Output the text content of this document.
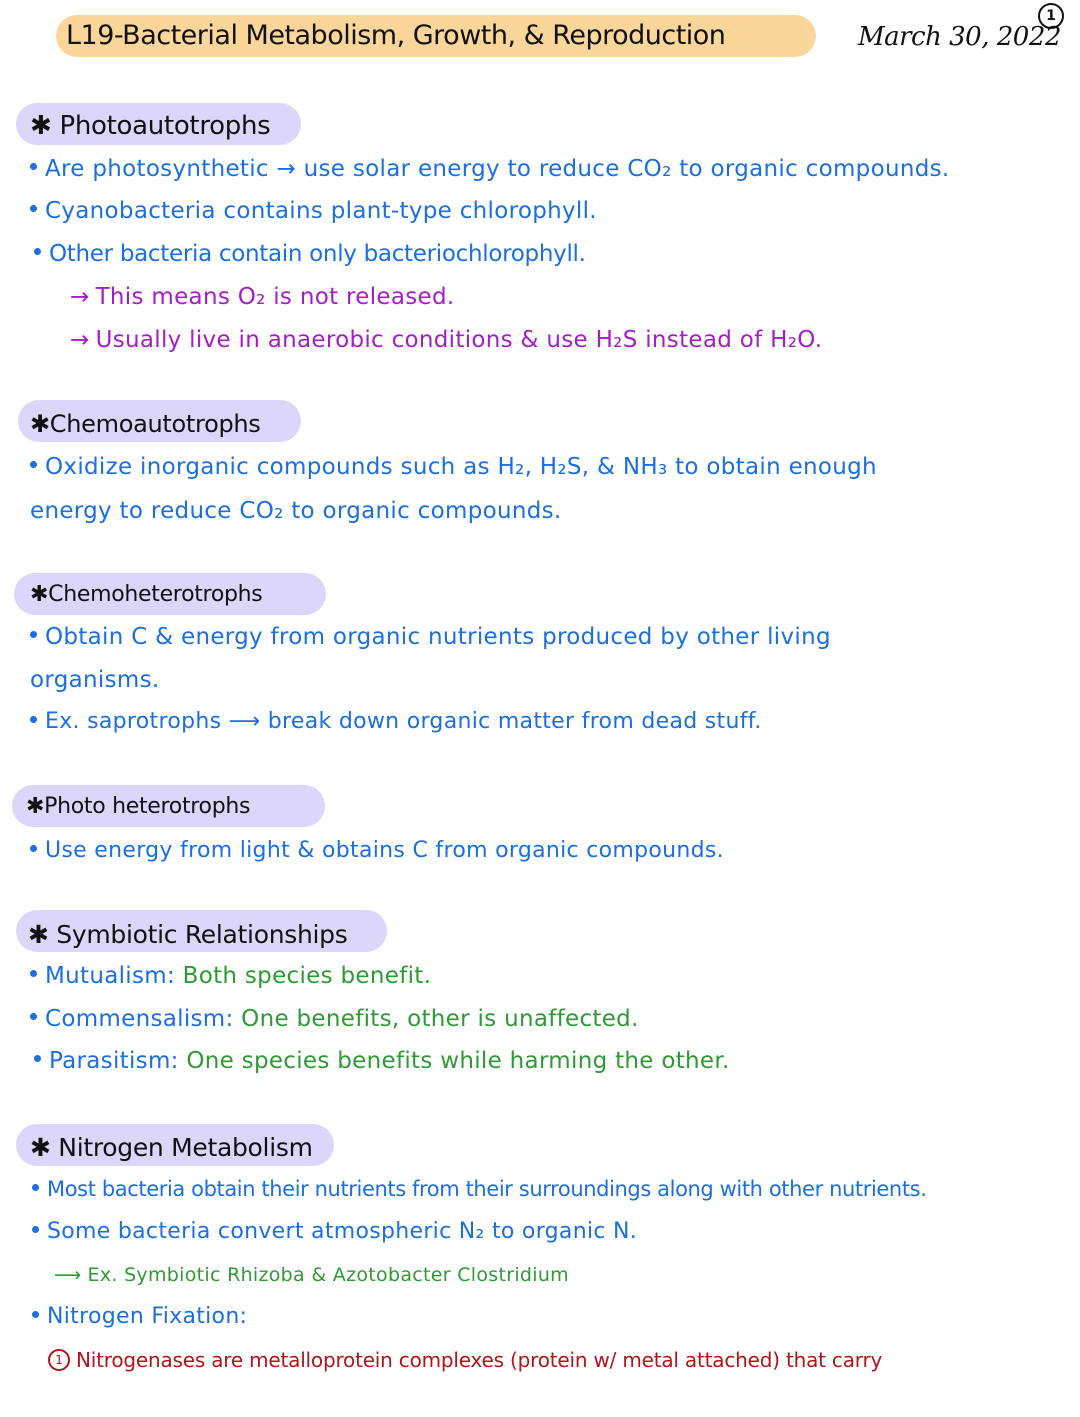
L19-Bacterial Metabolism, Growth, & Reproduction	March 30, 2022
1
✱ Photoautotrophs
Are photosynthetic → use solar energy to reduce CO₂ to organic compounds.
Cyanobacteria contains plant-type chlorophyll.
Other bacteria contain only bacteriochlorophyll.
→ This means O₂ is not released.
→ Usually live in anaerobic conditions & use H₂S instead of H₂O.
✱Chemoautotrophs
Oxidize inorganic compounds such as H₂, H₂S, & NH₃ to obtain enough
energy to reduce CO₂ to organic compounds.
✱Chemoheterotrophs
Obtain C & energy from organic nutrients produced by other living
organisms.
Ex. saprotrophs ⟶ break down organic matter from dead stuff.
✱Photo heterotrophs
Use energy from light & obtains C from organic compounds.
✱ Symbiotic Relationships
Mutualism: Both species benefit.
Commensalism: One benefits, other is unaffected.
Parasitism: One species benefits while harming the other.
✱ Nitrogen Metabolism
Most bacteria obtain their nutrients from their surroundings along with other nutrients.
Some bacteria convert atmospheric N₂ to organic N.
⟶ Ex. Symbiotic Rhizoba & Azotobacter Clostridium
Nitrogen Fixation:
1 Nitrogenases are metalloprotein complexes (protein w/ metal attached) that carry
